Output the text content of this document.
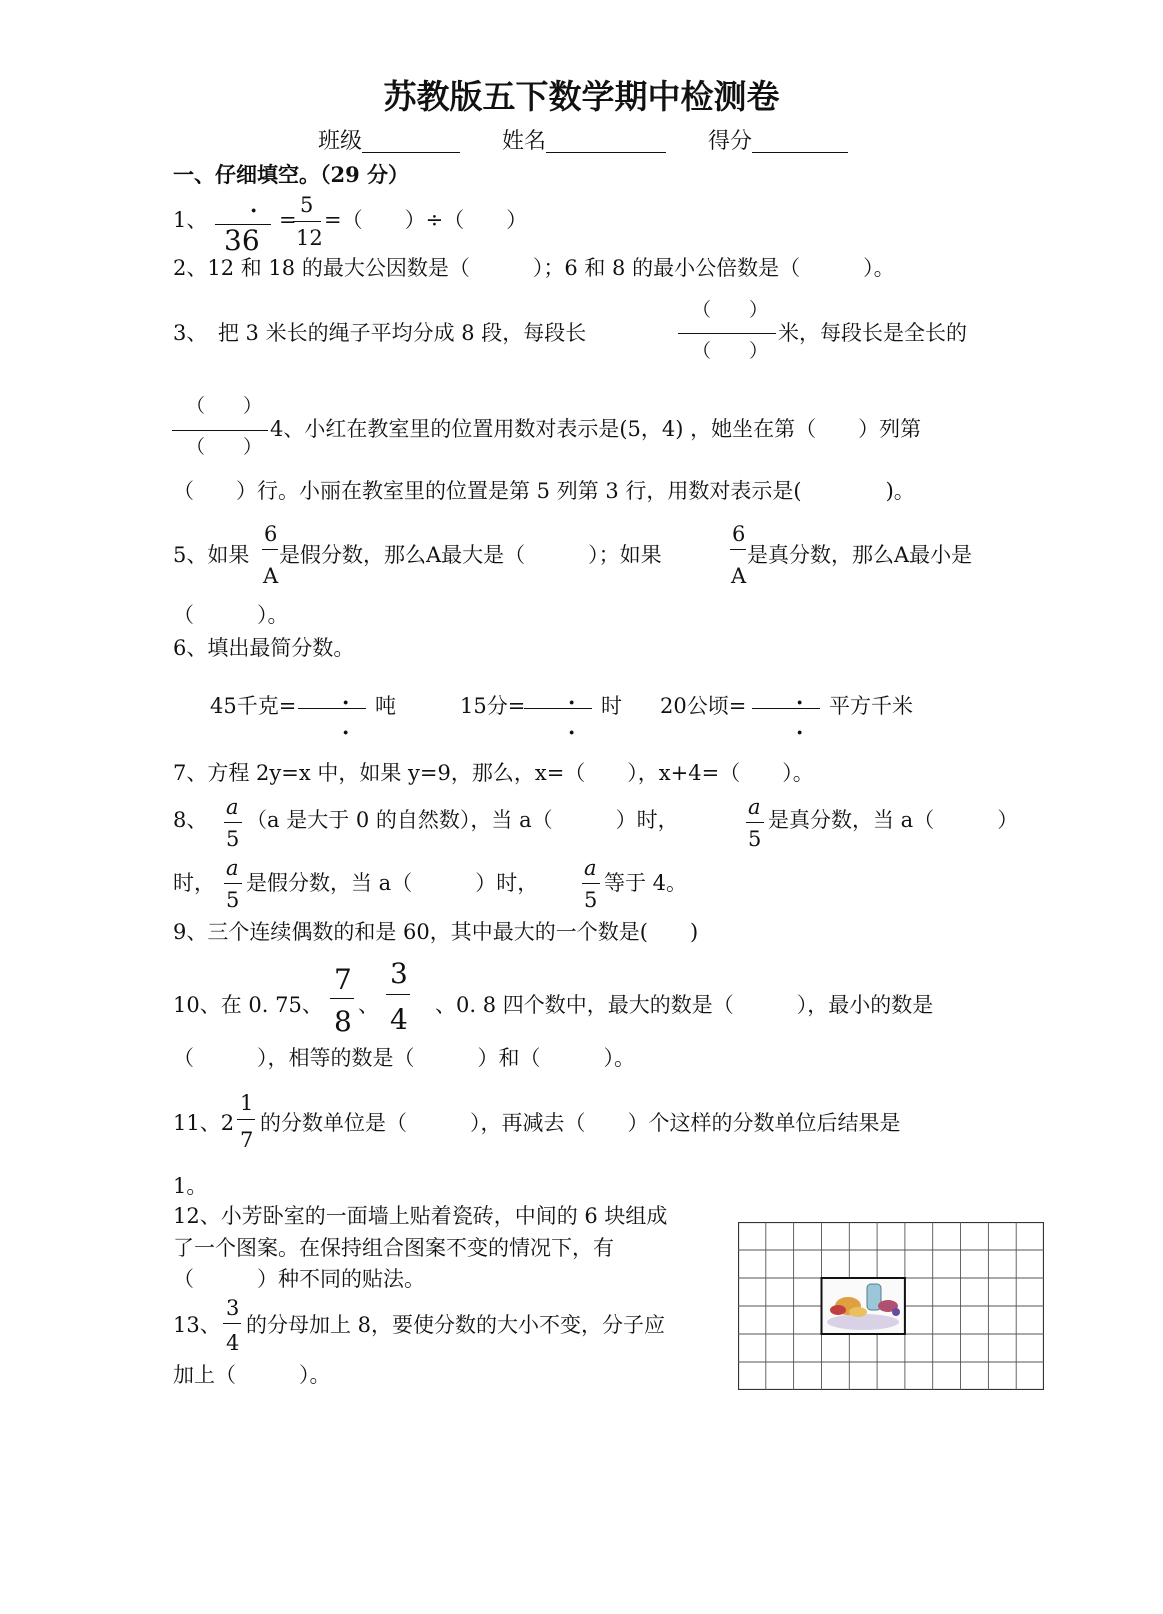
苏教版五下数学期中检测卷
班级	姓名	得分
一、仔细填空。（29 分）
1、 ·
36
=
5
12
=（　　）÷（　　）
2、12 和 18 的最大公因数是（　　　）；6 和 8 的最小公倍数是（　　　）。
3、　把 3 米长的绳子平均分成 8 段，每段长
（　　）
（　　）
米，每段长是全长的
（　　）
（　　）
4、小红在教室里的位置用数对表示是(5，4) ，她坐在第（　　）列第
（　　）行。小丽在教室里的位置是第 5 列第 3 行，用数对表示是(　　　　)。
5、如果
6
A
是假分数，那么A最大是（　　　）；如果
6
A
是真分数，那么A最小是
（　　　）。
6、填出最简分数。
45千克= ·
·
吨	15分= ·
·
时 20公顷= ·
·
平方千米
7、方程 2y=x 中，如果 y=9，那么，x=（　　），x+4=（　　）。
8、
a
5
（a 是大于 0 的自然数），当 a（　　　）时，
a
5
是真分数，当 a（　　　）
时，
a
5
是假分数，当 a（　　　）时，
a
5
等于 4。
9、三个连续偶数的和是 60，其中最大的一个数是(　　)
10、在 0. 75、
7
8 、
3
4 、0. 8 四个数中，最大的数是（　　　），最小的数是
（　　　），相等的数是（　　　）和（　　　）。
11、2
1
7
的分数单位是（　　　），再减去（　　）个这样的分数单位后结果是
1。
12、小芳卧室的一面墙上贴着瓷砖，中间的 6 块组成
了一个图案。在保持组合图案不变的情况下，有
（　　　）种不同的贴法。
13、
3
4
的分母加上 8，要使分数的大小不变，分子应
加上（　　　）。
